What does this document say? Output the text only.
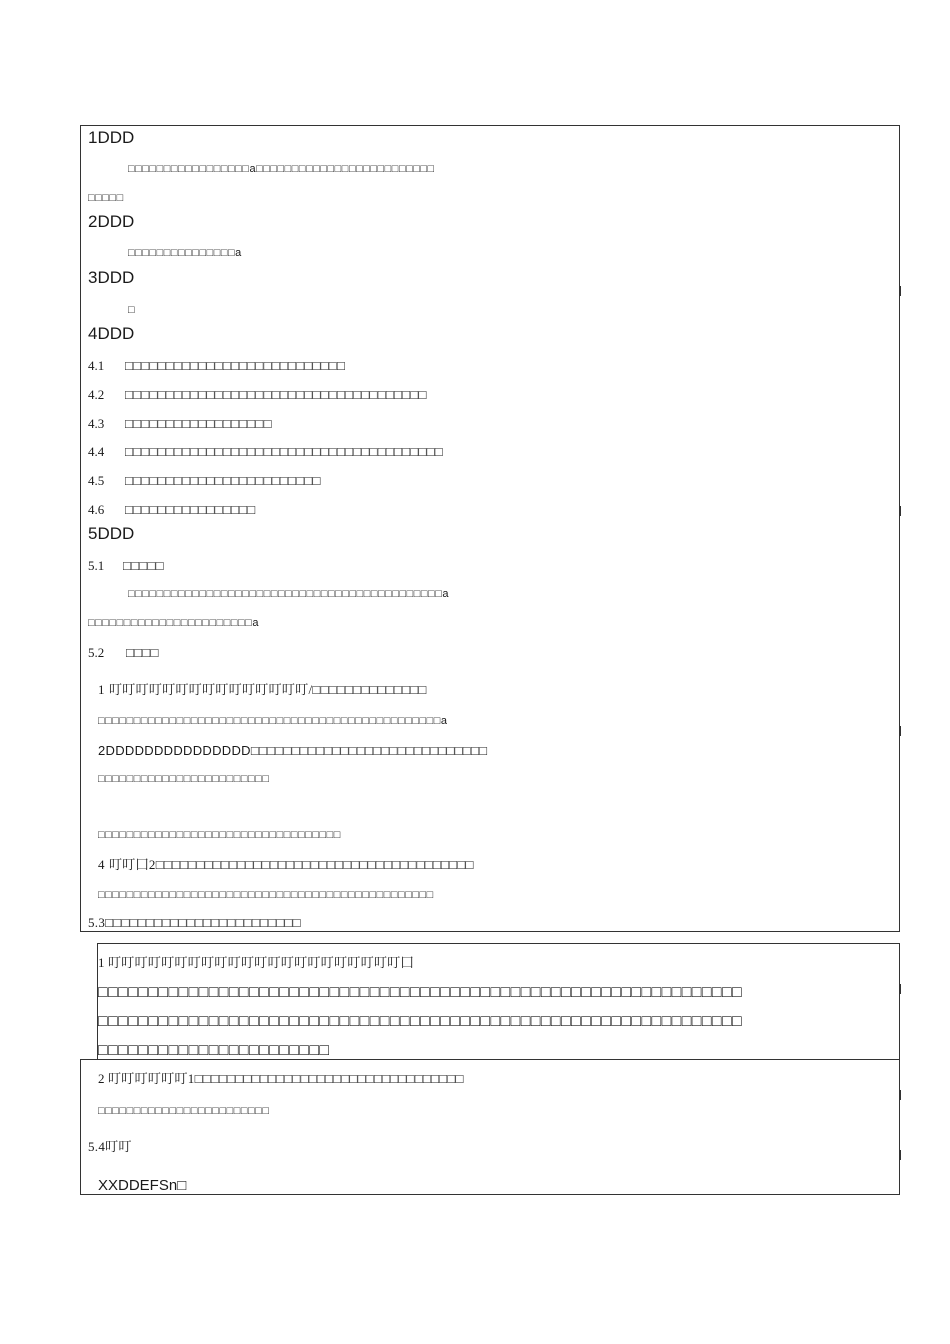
1DDD
□□□□□□□□□□□□□□□□□a□□□□□□□□□□□□□□□□□□□□□□□□□
□□□□□
2DDD
□□□□□□□□□□□□□□□a
3DDD
□
4DDD
4.1 □□□□□□□□□□□□□□□□□□□□□□□□□□□
4.2 □□□□□□□□□□□□□□□□□□□□□□□□□□□□□□□□□□□□□
4.3 □□□□□□□□□□□□□□□□□□
4.4 □□□□□□□□□□□□□□□□□□□□□□□□□□□□□□□□□□□□□□□
4.5 □□□□□□□□□□□□□□□□□□□□□□□□
4.6 □□□□□□□□□□□□□□□□
5DDD
5.1 □□□□□
□□□□□□□□□□□□□□□□□□□□□□□□□□□□□□□□□□□□□□□□□□□□a
□□□□□□□□□□□□□□□□□□□□□□□a
5.2 □□□□
1 叮叮叮叮叮叮叮叮叮叮叮叮叮叮叮/□□□□□□□□□□□□□□
□□□□□□□□□□□□□□□□□□□□□□□□□□□□□□□□□□□□□□□□□□□□□□□□a
2DDDDDDDDDDDDDDD□□□□□□□□□□□□□□□□□□□□□□□□□□□□□
□□□□□□□□□□□□□□□□□□□□□□□□
□□□□□□□□□□□□□□□□□□□□□□□□□□□□□□□□□□
4 叮叮囗2□□□□□□□□□□□□□□□□□□□□□□□□□□□□□□□□□□□□□□□
□□□□□□□□□□□□□□□□□□□□□□□□□□□□□□□□□□□□□□□□□□□□□□□
5.3□□□□□□□□□□□□□□□□□□□□□□□□
1 叮叮叮叮叮叮叮叮叮叮叮叮叮叮叮叮叮叮叮叮叮叮囗
□□□□□□□□□□□□□□□□□□□□□□□□□□□□□□□□□□□□□□□□□□□□□□□□□□□□□□□□□□□□□□□□
□□□□□□□□□□□□□□□□□□□□□□□□□□□□□□□□□□□□□□□□□□□□□□□□□□□□□□□□□□□□□□□□
□□□□□□□□□□□□□□□□□□□□□□□
2 叮叮叮叮叮叮1□□□□□□□□□□□□□□□□□□□□□□□□□□□□□□□□□
□□□□□□□□□□□□□□□□□□□□□□□□
5.4叮叮
XXDDEFSn□
